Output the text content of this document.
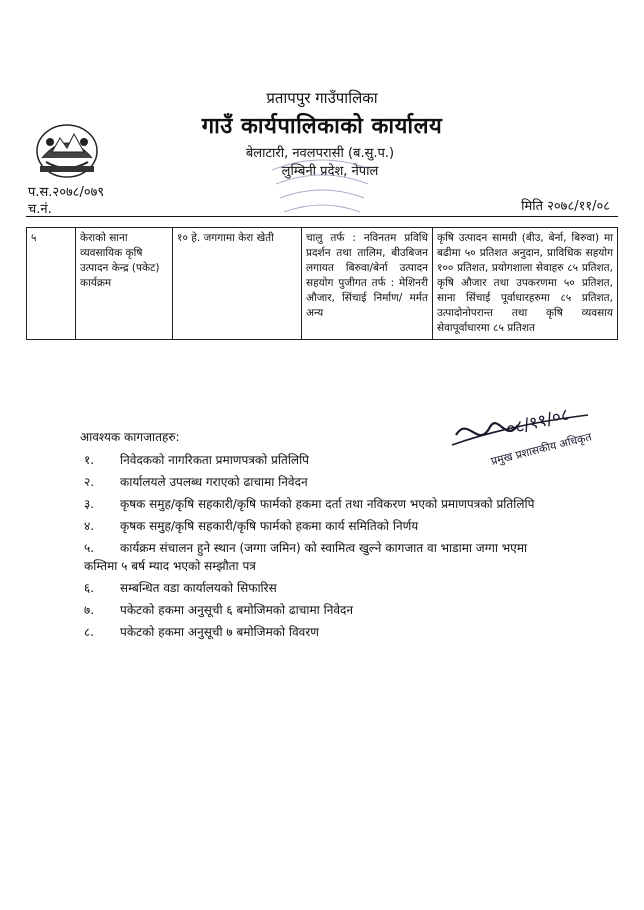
प्रतापपुर गाउँपालिका
गाउँ कार्यपालिकाको कार्यालय
बेलाटारी, नवलपरासी (ब.सु.प.)
लुम्बिनी प्रदेश, नेपाल
प.स.२०७८/०७९
च.नं.	मिति २०७८/११/०८
५	केराको साना व्यवसायिक कृषि उत्पादन केन्द्र (पकेट) कार्यक्रम	१० हे. जगगामा केरा खेती	चालु तर्फ : नविनतम प्रविधि प्रदर्शन तथा तालिम, बीउबिजन लगायत बिरुवा/बेर्ना उत्पादन सहयोग पुजीगत तर्फ : मेशिनरी औजार, सिंचाई निर्माण/ मर्मत अन्य	कृषि उत्पादन सामग्री (बीउ, बेर्ना, बिरुवा) मा बढीमा ५० प्रतिशत अनुदान, प्राविधिक सहयोग १०० प्रतिशत, प्रयोगशाला सेवाहरु ८५ प्रतिशत, कृषि औजार तथा उपकरणमा ५० प्रतिशत, साना सिंचाई पूर्वाधारहरुमा ८५ प्रतिशत, उत्पादोनोपरान्त तथा कृषि व्यवसाय सेवापूर्वाधारमा ८५ प्रतिशत
०८/११/०८
प्रमुख प्रशासकीय अधिकृत
आवश्यक कागजातहरु:
१. निवेदकको नागरिकता प्रमाणपत्रको प्रतिलिपि
२. कार्यालयले उपलब्ध गराएको ढाचामा निवेदन
३. कृषक समुह/कृषि सहकारी/कृषि फार्मको हकमा दर्ता तथा नविकरण भएको प्रमाणपत्रको प्रतिलिपि
४. कृषक समुह/कृषि सहकारी/कृषि फार्मको हकमा कार्य समितिको निर्णय
५. कार्यक्रम संचालन हुने स्थान (जग्गा जमिन) को स्वामित्व खुल्ने कागजात वा भाडामा जग्गा भएमा
कम्तिमा ५ बर्ष म्याद भएको सम्झौता पत्र
६. सम्बन्धित वडा कार्यालयको सिफारिस
७. पकेटको हकमा अनुसूची ६ बमोजिमको ढाचामा निवेदन
८. पकेटको हकमा अनुसूची ७ बमोजिमको विवरण
